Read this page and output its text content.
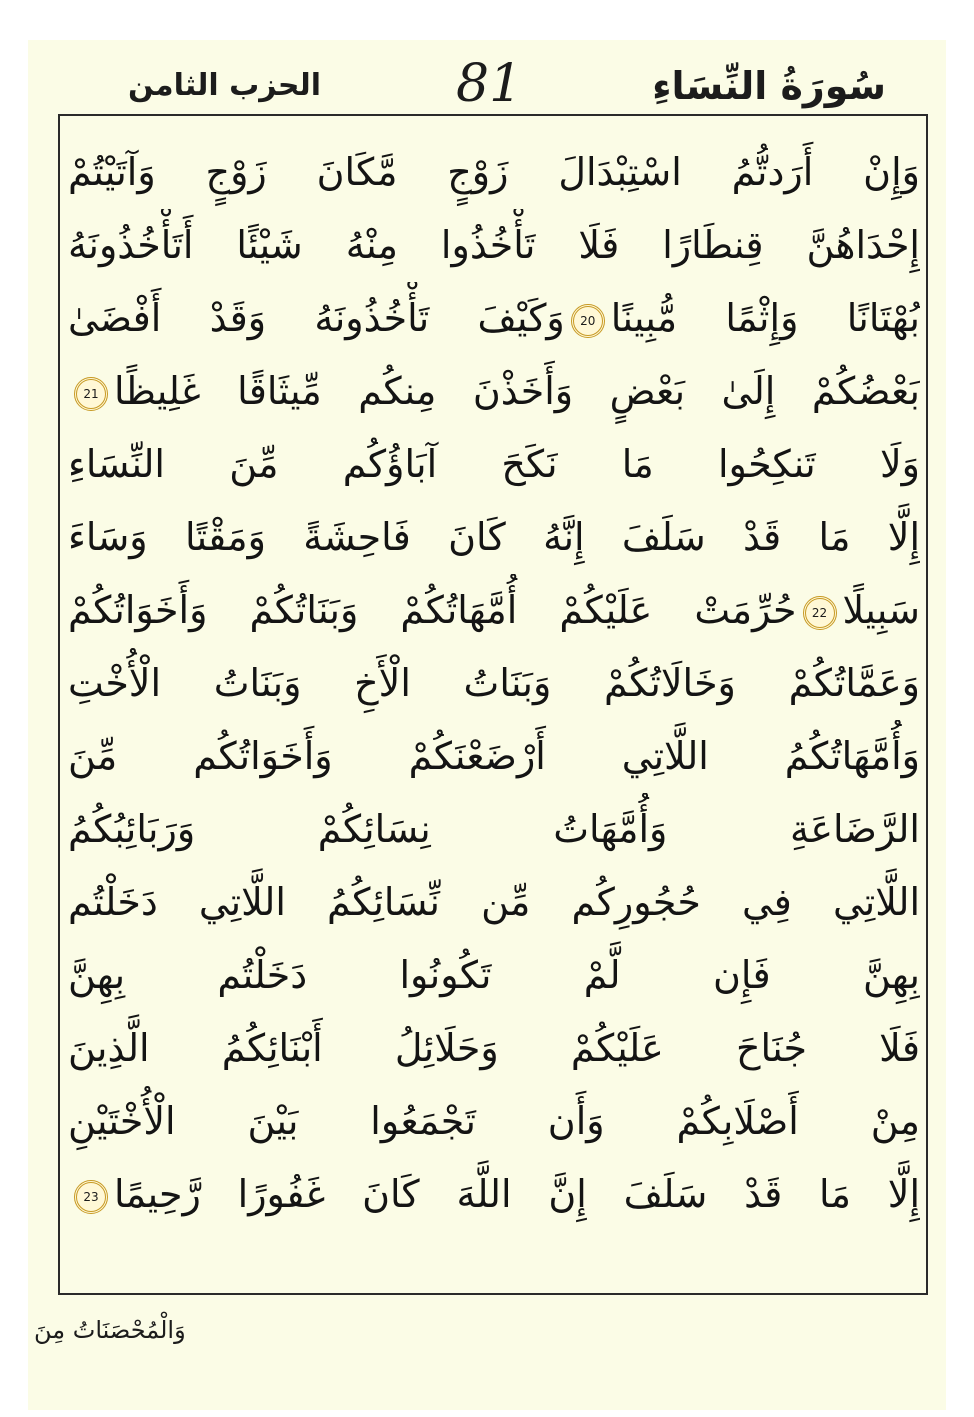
سُورَةُ النِّسَاءِ
81
الحزب الثامن
وَإِنْ أَرَدتُّمُ اسْتِبْدَالَ زَوْجٍ مَّكَانَ زَوْجٍ وَآتَيْتُمْ
إِحْدَاهُنَّ قِنطَارًا فَلَا تَأْخُذُوا مِنْهُ شَيْئًا أَتَأْخُذُونَهُ
بُهْتَانًا وَإِثْمًا مُّبِينًا20وَكَيْفَ تَأْخُذُونَهُ وَقَدْ أَفْضَىٰ
بَعْضُكُمْ إِلَىٰ بَعْضٍ وَأَخَذْنَ مِنكُم مِّيثَاقًا غَلِيظًا21
وَلَا تَنكِحُوا مَا نَكَحَ آبَاؤُكُم مِّنَ النِّسَاءِ
إِلَّا مَا قَدْ سَلَفَ إِنَّهُ كَانَ فَاحِشَةً وَمَقْتًا وَسَاءَ
سَبِيلًا22حُرِّمَتْ عَلَيْكُمْ أُمَّهَاتُكُمْ وَبَنَاتُكُمْ وَأَخَوَاتُكُمْ
وَعَمَّاتُكُمْ وَخَالَاتُكُمْ وَبَنَاتُ الْأَخِ وَبَنَاتُ الْأُخْتِ
وَأُمَّهَاتُكُمُ اللَّاتِي أَرْضَعْنَكُمْ وَأَخَوَاتُكُم مِّنَ
الرَّضَاعَةِ وَأُمَّهَاتُ نِسَائِكُمْ وَرَبَائِبُكُمُ
اللَّاتِي فِي حُجُورِكُم مِّن نِّسَائِكُمُ اللَّاتِي دَخَلْتُم
بِهِنَّ فَإِن لَّمْ تَكُونُوا دَخَلْتُم بِهِنَّ
فَلَا جُنَاحَ عَلَيْكُمْ وَحَلَائِلُ أَبْنَائِكُمُ الَّذِينَ
مِنْ أَصْلَابِكُمْ وَأَن تَجْمَعُوا بَيْنَ الْأُخْتَيْنِ
إِلَّا مَا قَدْ سَلَفَ إِنَّ اللَّهَ كَانَ غَفُورًا رَّحِيمًا23
وَالْمُحْصَنَاتُ مِنَ
